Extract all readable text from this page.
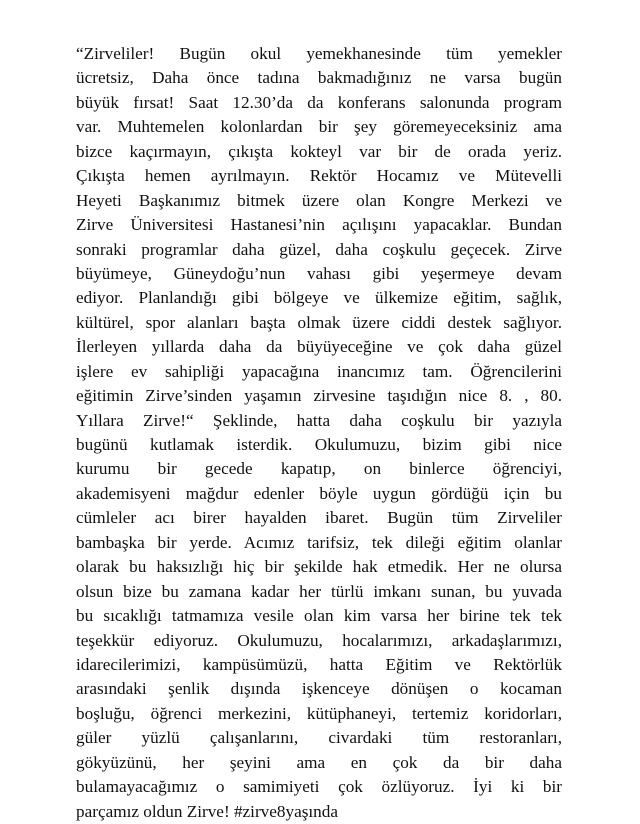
“Zirveliler! Bugün okul yemekhanesinde tüm yemekler
ücretsiz, Daha önce tadına bakmadığınız ne varsa bugün
büyük fırsat! Saat 12.30’da da konferans salonunda program
var. Muhtemelen kolonlardan bir şey göremeyeceksiniz ama
bizce kaçırmayın, çıkışta kokteyl var bir de orada yeriz.
Çıkışta hemen ayrılmayın. Rektör Hocamız ve Mütevelli
Heyeti Başkanımız bitmek üzere olan Kongre Merkezi ve
Zirve Üniversitesi Hastanesi’nin açılışını yapacaklar. Bundan
sonraki programlar daha güzel, daha coşkulu geçecek. Zirve
büyümeye, Güneydoğu’nun vahası gibi yeşermeye devam
ediyor. Planlandığı gibi bölgeye ve ülkemize eğitim, sağlık,
kültürel, spor alanları başta olmak üzere ciddi destek sağlıyor.
İlerleyen yıllarda daha da büyüyeceğine ve çok daha güzel
işlere ev sahipliği yapacağına inancımız tam. Öğrencilerini
eğitimin Zirve’sinden yaşamın zirvesine taşıdığın nice 8. , 80.
Yıllara Zirve!“ Şeklinde, hatta daha coşkulu bir yazıyla
bugünü kutlamak isterdik. Okulumuzu, bizim gibi nice
kurumu bir gecede kapatıp, on binlerce öğrenciyi,
akademisyeni mağdur edenler böyle uygun gördüğü için bu
cümleler acı birer hayalden ibaret. Bugün tüm Zirveliler
bambaşka bir yerde. Acımız tarifsiz, tek dileği eğitim olanlar
olarak bu haksızlığı hiç bir şekilde hak etmedik. Her ne olursa
olsun bize bu zamana kadar her türlü imkanı sunan, bu yuvada
bu sıcaklığı tatmamıza vesile olan kim varsa her birine tek tek
teşekkür ediyoruz. Okulumuzu, hocalarımızı, arkadaşlarımızı,
idarecilerimizi, kampüsümüzü, hatta Eğitim ve Rektörlük
arasındaki şenlik dışında işkenceye dönüşen o kocaman
boşluğu, öğrenci merkezini, kütüphaneyi, tertemiz koridorları,
güler yüzlü çalışanlarını, civardaki tüm restoranları,
gökyüzünü, her şeyini ama en çok da bir daha
bulamayacağımız o samimiyeti çok özlüyoruz. İyi ki bir
parçamız oldun Zirve! #zirve8yaşında
